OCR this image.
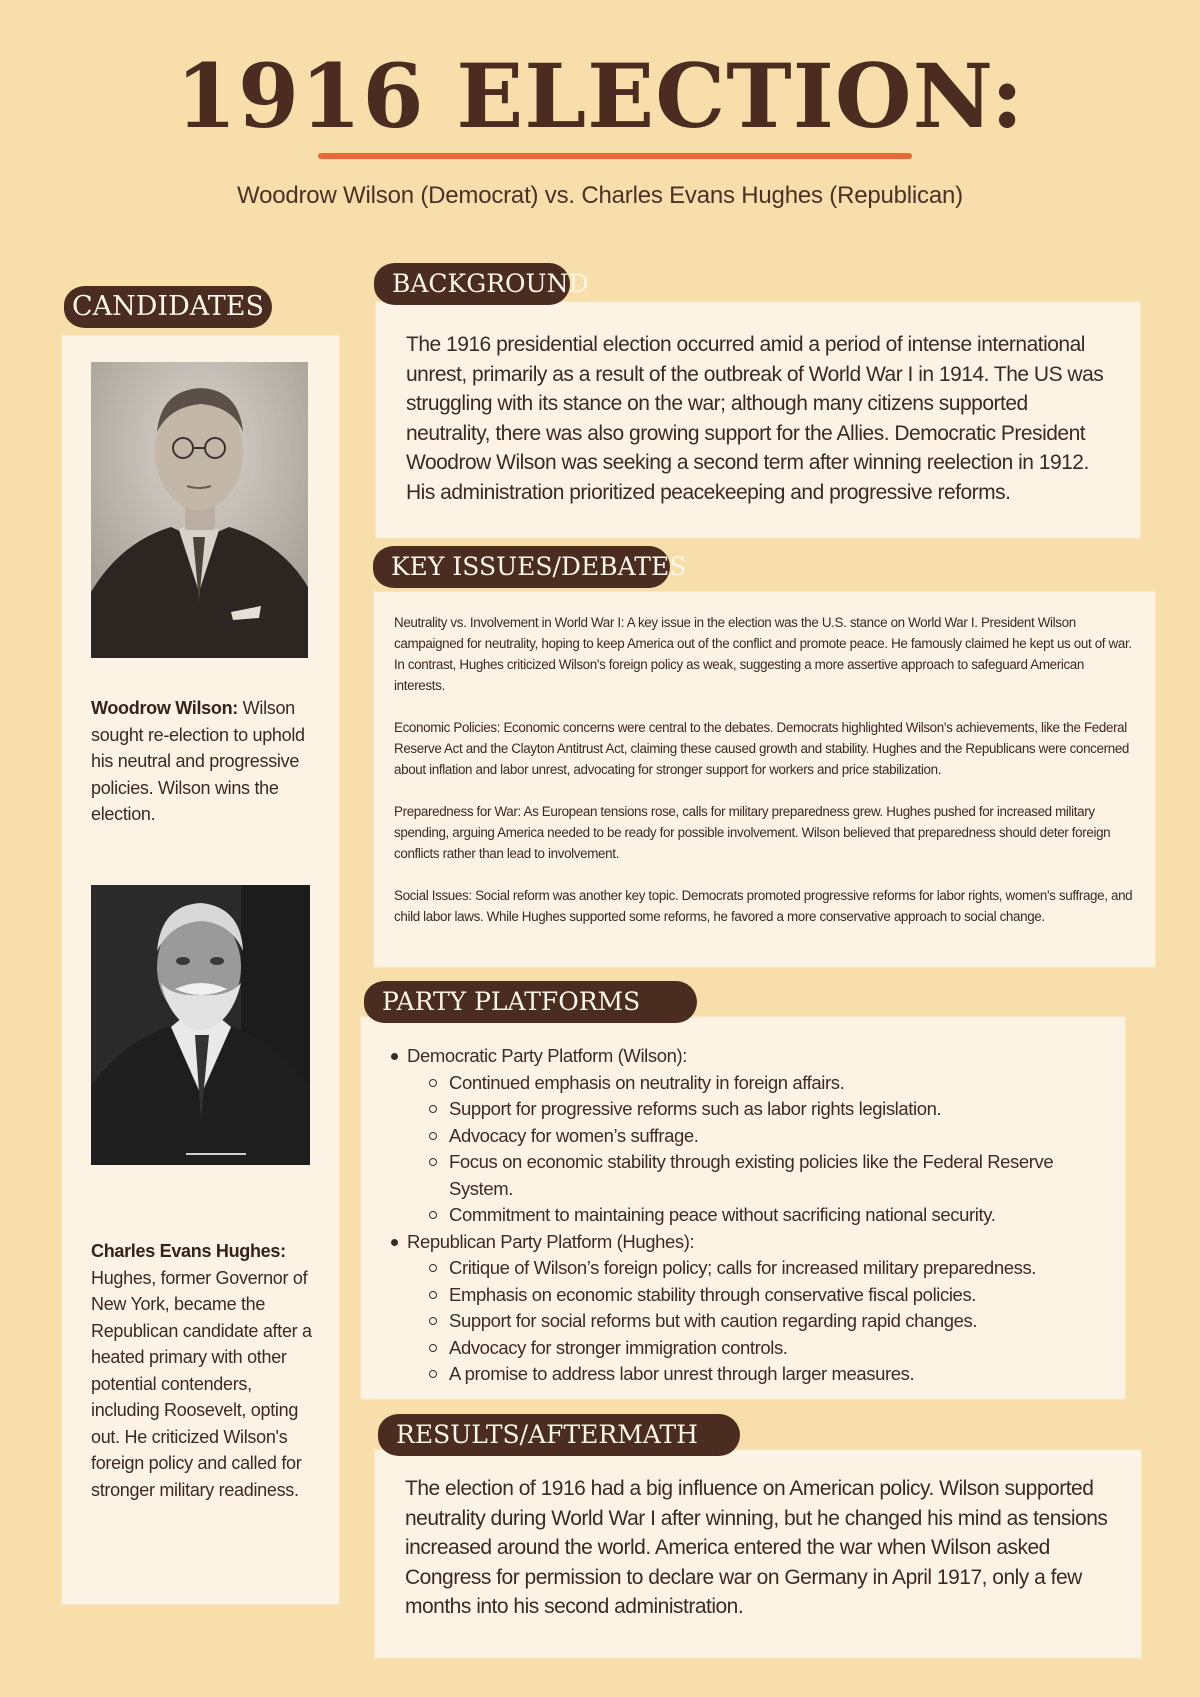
1916 ELECTION:
Woodrow Wilson (Democrat) vs. Charles Evans Hughes (Republican)
CANDIDATES
Woodrow Wilson: Wilson sought re-election to uphold his neutral and progressive policies. Wilson wins the election.
Charles Evans Hughes: Hughes, former Governor of New York, became the Republican candidate after a heated primary with other potential contenders, including Roosevelt, opting out. He criticized Wilson's foreign policy and called for stronger military readiness.
The 1916 presidential election occurred amid a period of intense international unrest, primarily as a result of the outbreak of World War I in 1914. The US was struggling with its stance on the war; although many citizens supported neutrality, there was also growing support for the Allies. Democratic President Woodrow Wilson was seeking a second term after winning reelection in 1912. His administration prioritized peacekeeping and progressive reforms.
BACKGROUND

Neutrality vs. Involvement in World War I: A key issue in the election was the U.S. stance on World War I. President Wilson campaigned for neutrality, hoping to keep America out of the conflict and promote peace. He famously claimed he kept us out of war. In contrast, Hughes criticized Wilson's foreign policy as weak, suggesting a more assertive approach to safeguard American interests.

Economic Policies: Economic concerns were central to the debates. Democrats highlighted Wilson's achievements, like the Federal Reserve Act and the Clayton Antitrust Act, claiming these caused growth and stability. Hughes and the Republicans were concerned about inflation and labor unrest, advocating for stronger support for workers and price stabilization.

Preparedness for War: As European tensions rose, calls for military preparedness grew. Hughes pushed for increased military spending, arguing America needed to be ready for possible involvement. Wilson believed that preparedness should deter foreign conflicts rather than lead to involvement.

Social Issues: Social reform was another key topic. Democrats promoted progressive reforms for labor rights, women's suffrage, and child labor laws. While Hughes supported some reforms, he favored a more conservative approach to social change.

KEY ISSUES/DEBATES
Democratic Party Platform (Wilson):
Continued emphasis on neutrality in foreign affairs.
Support for progressive reforms such as labor rights legislation.
Advocacy for women’s suffrage.
Focus on economic stability through existing policies like the Federal Reserve System.
Commitment to maintaining peace without sacrificing national security.
Republican Party Platform (Hughes):
Critique of Wilson’s foreign policy; calls for increased military preparedness.
Emphasis on economic stability through conservative fiscal policies.
Support for social reforms but with caution regarding rapid changes.
Advocacy for stronger immigration controls.
A promise to address labor unrest through larger measures.
PARTY PLATFORMS
The election of 1916 had a big influence on American policy. Wilson supported neutrality during World War I after winning, but he changed his mind as tensions increased around the world. America entered the war when Wilson asked Congress for permission to declare war on Germany in April 1917, only a few months into his second administration.
RESULTS/AFTERMATH
